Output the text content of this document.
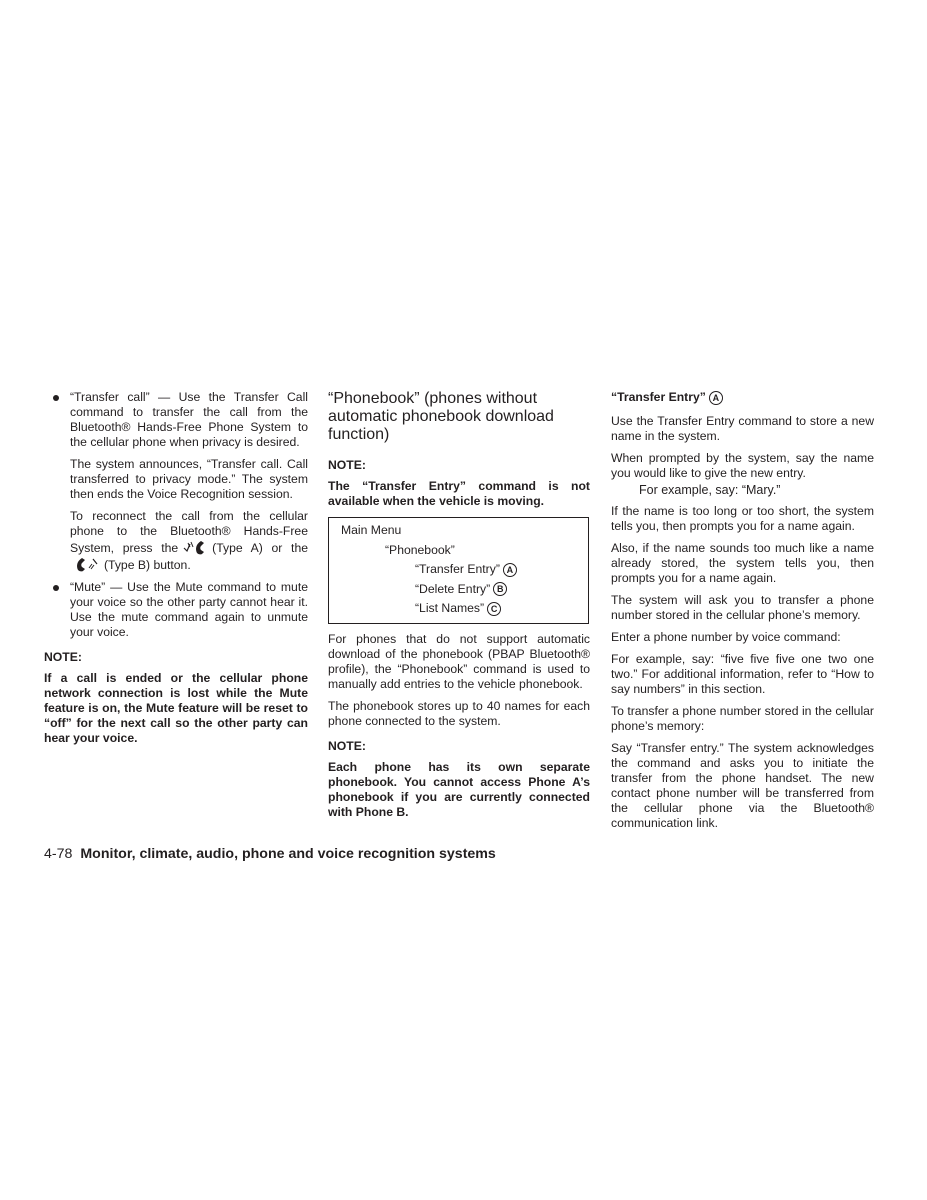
“Transfer call” — Use the Transfer Call command to transfer the call from the Bluetooth® Hands-Free Phone System to the cellular phone when privacy is desired.

The system announces, “Transfer call. Call transferred to privacy mode.” The system then ends the Voice Recognition session.

To reconnect the call from the cellular phone to the Bluetooth® Hands-Free System, press the	(Type A) or the(Type B) button.

“Mute” — Use the Mute command to mute your voice so the other party cannot hear it. Use the mute command again to unmute your voice.

NOTE:

If a call is ended or the cellular phone network connection is lost while the Mute feature is on, the Mute feature will be reset to “off” for the next call so the other party can hear your voice.

“Phonebook” (phones without automatic phonebook download function)
NOTE:

The “Transfer Entry” command is not available when the vehicle is moving.

Main Menu
“Phonebook”
“Transfer Entry” A
“Delete Entry” B
“List Names” C

For phones that do not support automatic download of the phonebook (PBAP Bluetooth® profile), the “Phonebook” command is used to manually add entries to the vehicle phonebook.

The phonebook stores up to 40 names for each phone connected to the system.

NOTE:

Each phone has its own separate phonebook. You cannot access Phone A’s phonebook if you are currently connected with Phone B.

“Transfer Entry” A

Use the Transfer Entry command to store a new name in the system.

When prompted by the system, say the name you would like to give the new entry.

For example, say: “Mary.”

If the name is too long or too short, the system tells you, then prompts you for a name again.

Also, if the name sounds too much like a name already stored, the system tells you, then prompts you for a name again.

The system will ask you to transfer a phone number stored in the cellular phone’s memory.

Enter a phone number by voice command:

For example, say: “five five five one two one two.” For additional information, refer to “How to say numbers” in this section.

To transfer a phone number stored in the cellular phone’s memory:

Say “Transfer entry.” The system acknowledges the command and asks you to initiate the transfer from the phone handset. The new contact phone number will be transferred from the cellular phone via the Bluetooth® communication link.

4-78 Monitor, climate, audio, phone and voice recognition systems
